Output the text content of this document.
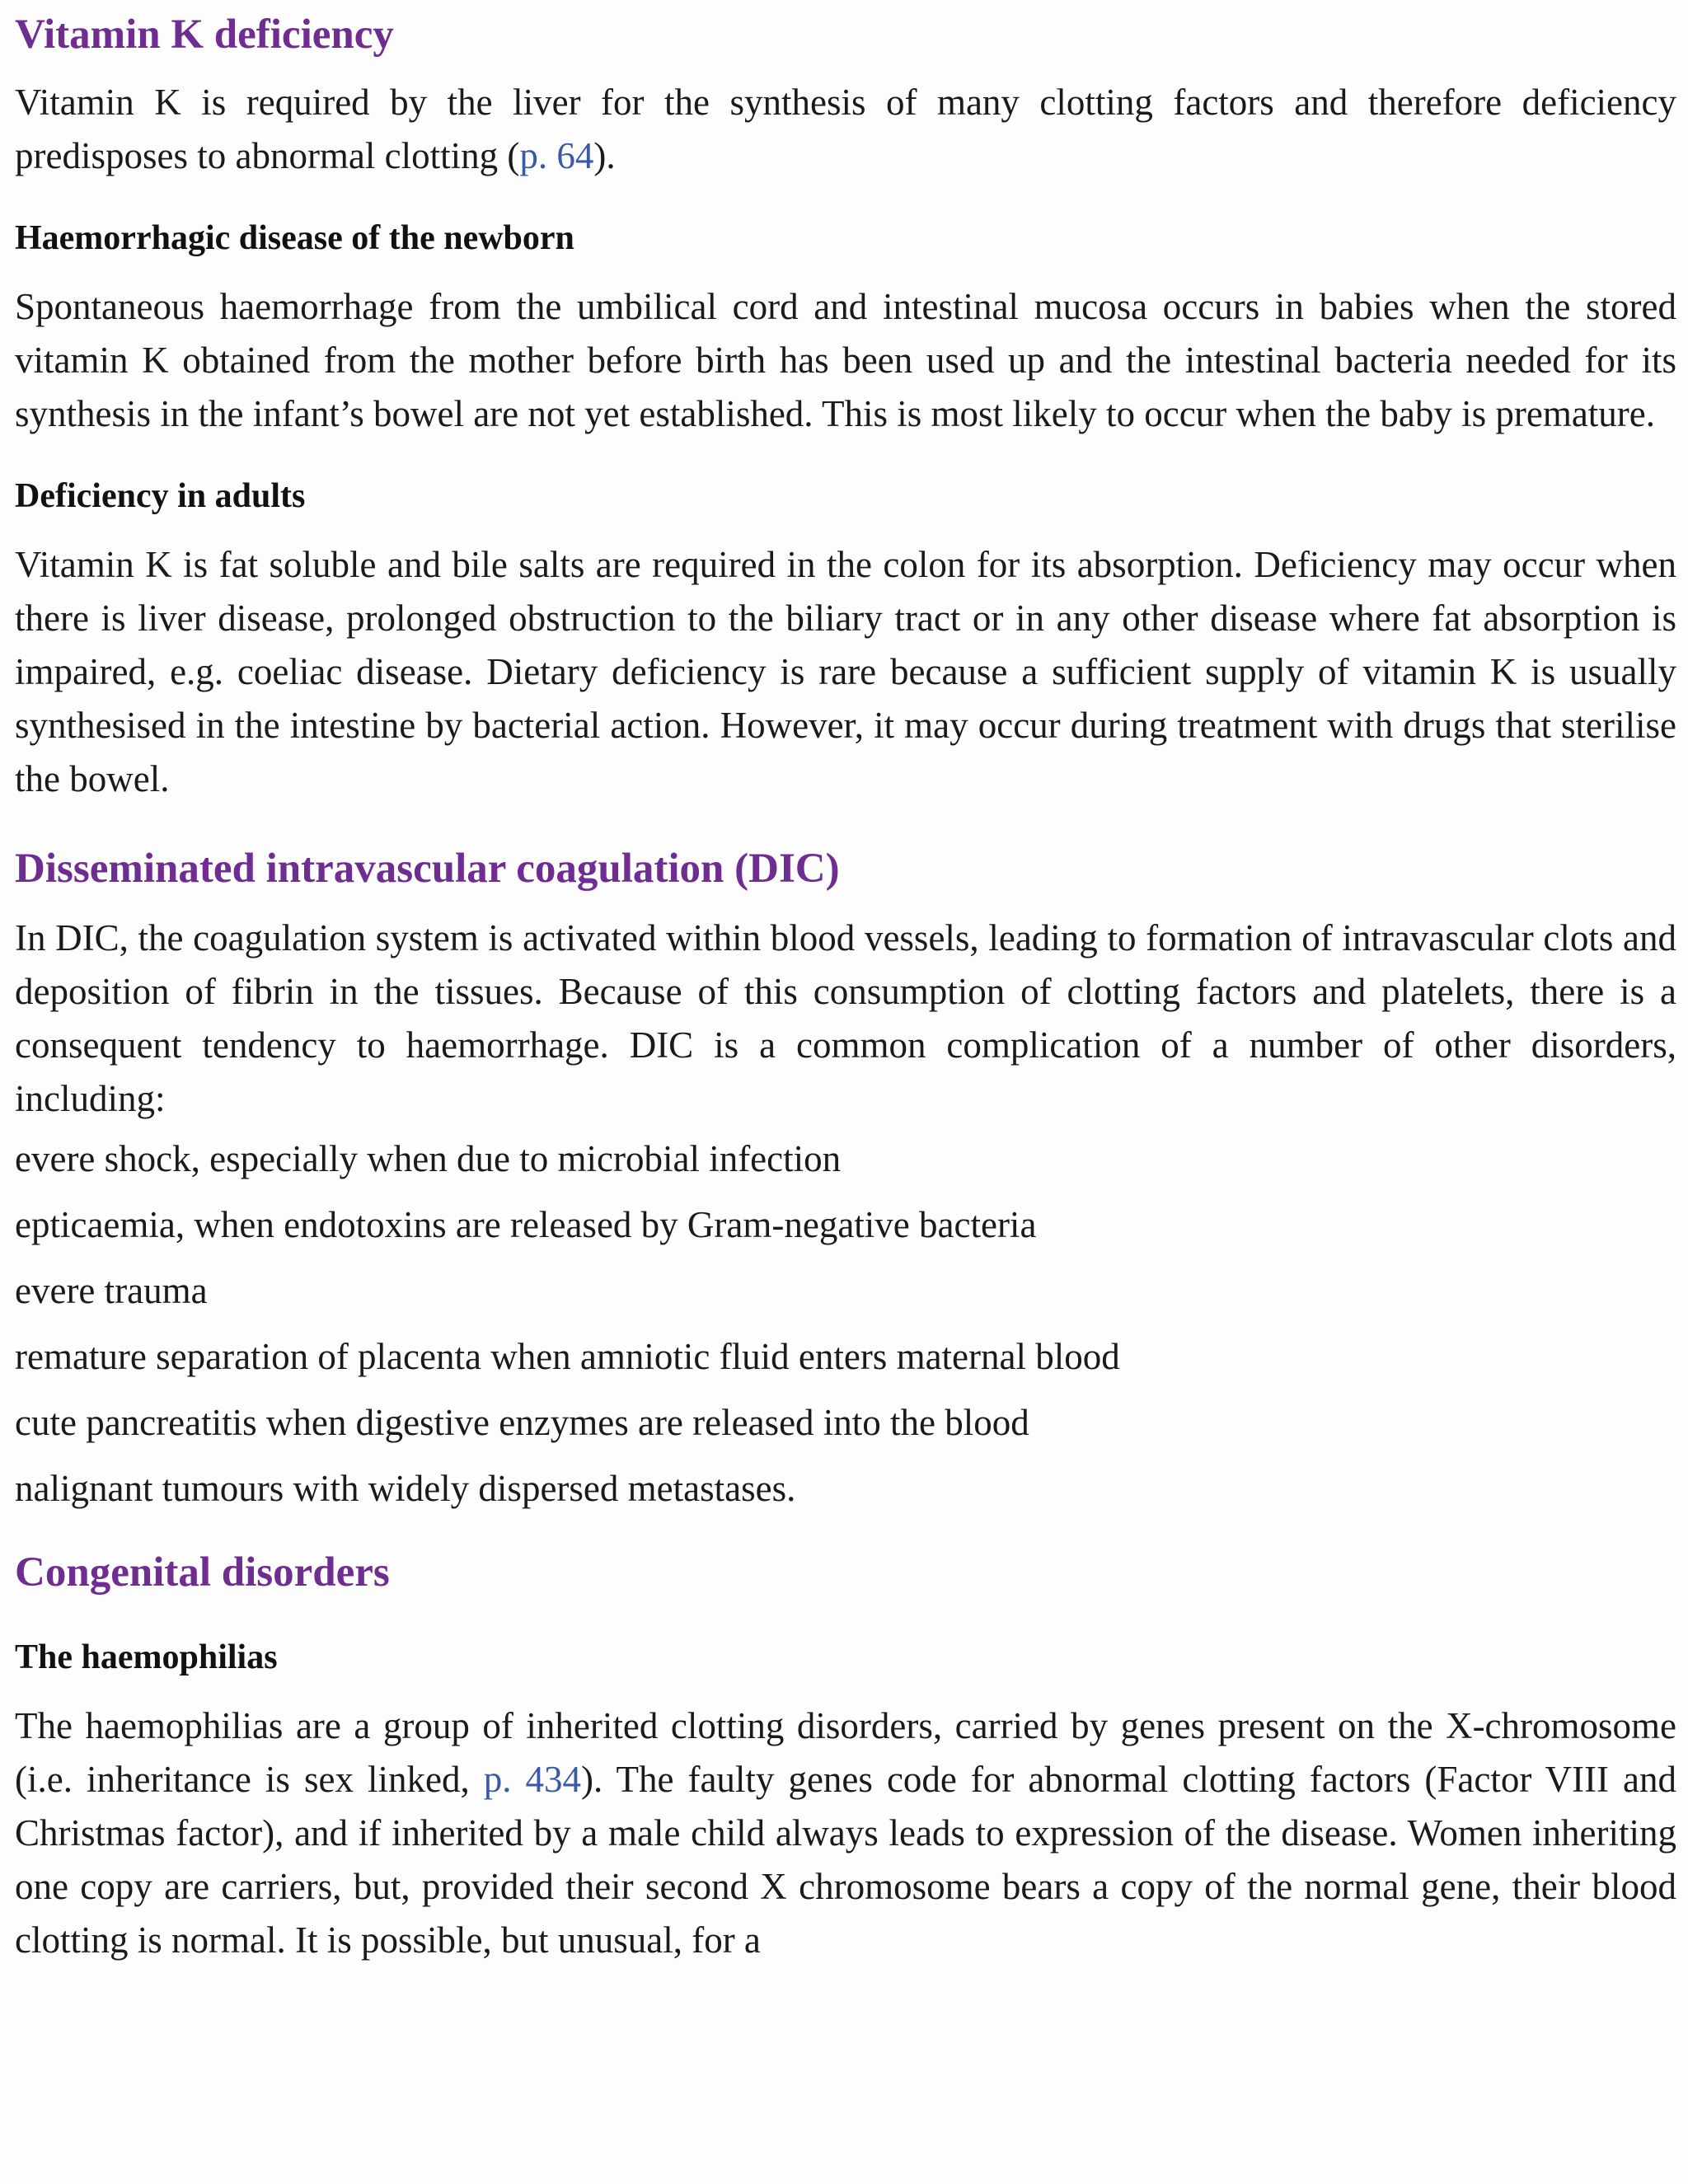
Vitamin K deficiency

Vitamin K is required by the liver for the synthesis of many clotting factors and therefore deficiency predisposes to abnormal clotting (p. 64).

Haemorrhagic disease of the newborn

Spontaneous haemorrhage from the umbilical cord and intestinal mucosa occurs in babies when the stored vitamin K obtained from the mother before birth has been used up and the intestinal bacteria needed for its synthesis in the infant’s bowel are not yet established. This is most likely to occur when the baby is premature.

Deficiency in adults

Vitamin K is fat soluble and bile salts are required in the colon for its absorption. Deficiency may occur when there is liver disease, prolonged obstruction to the biliary tract or in any other disease where fat absorption is impaired, e.g. coeliac disease. Dietary deficiency is rare because a sufficient supply of vitamin K is usually synthesised in the intestine by bacterial action. However, it may occur during treatment with drugs that sterilise the bowel.

Disseminated intravascular coagulation (DIC)

In DIC, the coagulation system is activated within blood vessels, leading to formation of intravascular clots and deposition of fibrin in the tissues. Because of this consumption of clotting factors and platelets, there is a consequent tendency to haemorrhage. DIC is a common complication of a number of other disorders, including:

evere shock, especially when due to microbial infection
epticaemia, when endotoxins are released by Gram-negative bacteria
evere trauma
remature separation of placenta when amniotic fluid enters maternal blood
cute pancreatitis when digestive enzymes are released into the blood
nalignant tumours with widely dispersed metastases.
Congenital disorders
The haemophilias

The haemophilias are a group of inherited clotting disorders, carried by genes present on the X-chromosome (i.e. inheritance is sex linked, p. 434). The faulty genes code for abnormal clotting factors (Factor VIII and Christmas factor), and if inherited by a male child always leads to expression of the disease. Women inheriting one copy are carriers, but, provided their second X chromosome bears a copy of the normal gene, their blood clotting is normal. It is possible, but unusual, for a
